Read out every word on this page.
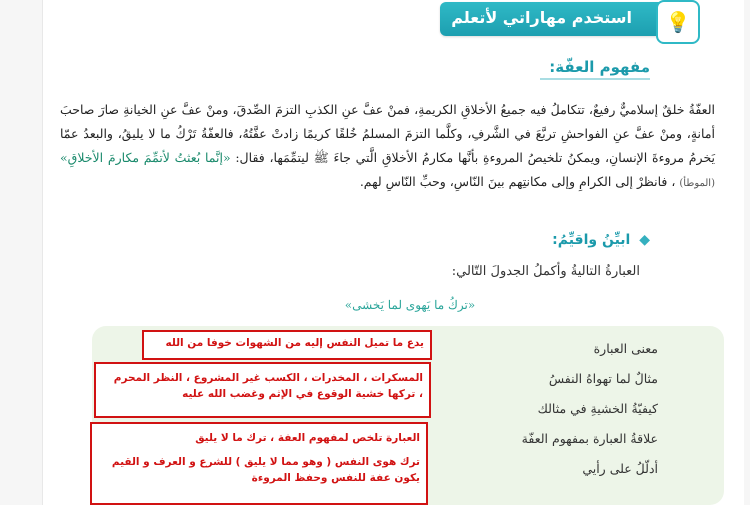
استخدم مهاراتي لأتعلم 💡
مفهوم العفّة:
العفّةُ خلقٌ إسلاميٌّ رفيعٌ، تتكاملُ فيه جميعُ الأخلاقِ الكريمةِ، فمنْ عفَّ عنِ الكذبِ التزمَ الصِّدقَ، ومنْ عفَّ عنِ الخيانةِ صارَ صاحبَ أمانةٍ، ومنْ عفَّ عنِ الفواحشِ تربَّعَ في الشَّرفِ، وكلَّما التزمَ المسلمُ خُلقًا كريمًا زادتْ عفَّتُهُ، فالعفّةُ تَرْكُ ما لا يليقُ، والبعدُ عمّا يَخرمُ مروءةَ الإنسانِ، ويمكنُ تلخيصُ المروءةِ بأنَّها مكارمُ الأخلاقِ الَّتي جاءَ ﷺ ليتمِّمَها، فقال: «إنَّما بُعثتُ لأتمِّمَ مكارمَ الأخلاقِ» (الموطأ) ، فانظرْ إلى الكرامِ وإلى مكانتِهم بينَ النّاسِ، وحبِّ النّاسِ لهم.
◆ ابيِّنُ واقيِّمُ:
العبارةُ التاليةُ وأكملُ الجدولَ التّالي:
«تركُ ما يَهوى لما يَخشى»
معنى العبارة
مثالٌ لما تهواهُ النفسُ
كيفيّةُ الخشيةِ في مثالك
علاقةُ العبارة بمفهوم العفّة
أدلّلُ على رأيي
يدع ما تميل النفس إليه من الشهوات خوفا من الله
المسكرات ، المخدرات ، الكسب غير المشروع ، النظر المحرم
، تركها خشية الوقوع في الإثم وغضب الله عليه
العبارة تلخص لمفهوم العفة ، ترك ما لا يليق
ترك هوى النفس ( وهو مما لا يليق ) للشرع و العرف و القيم
يكون عفة للنفس وحفظ المروءة
